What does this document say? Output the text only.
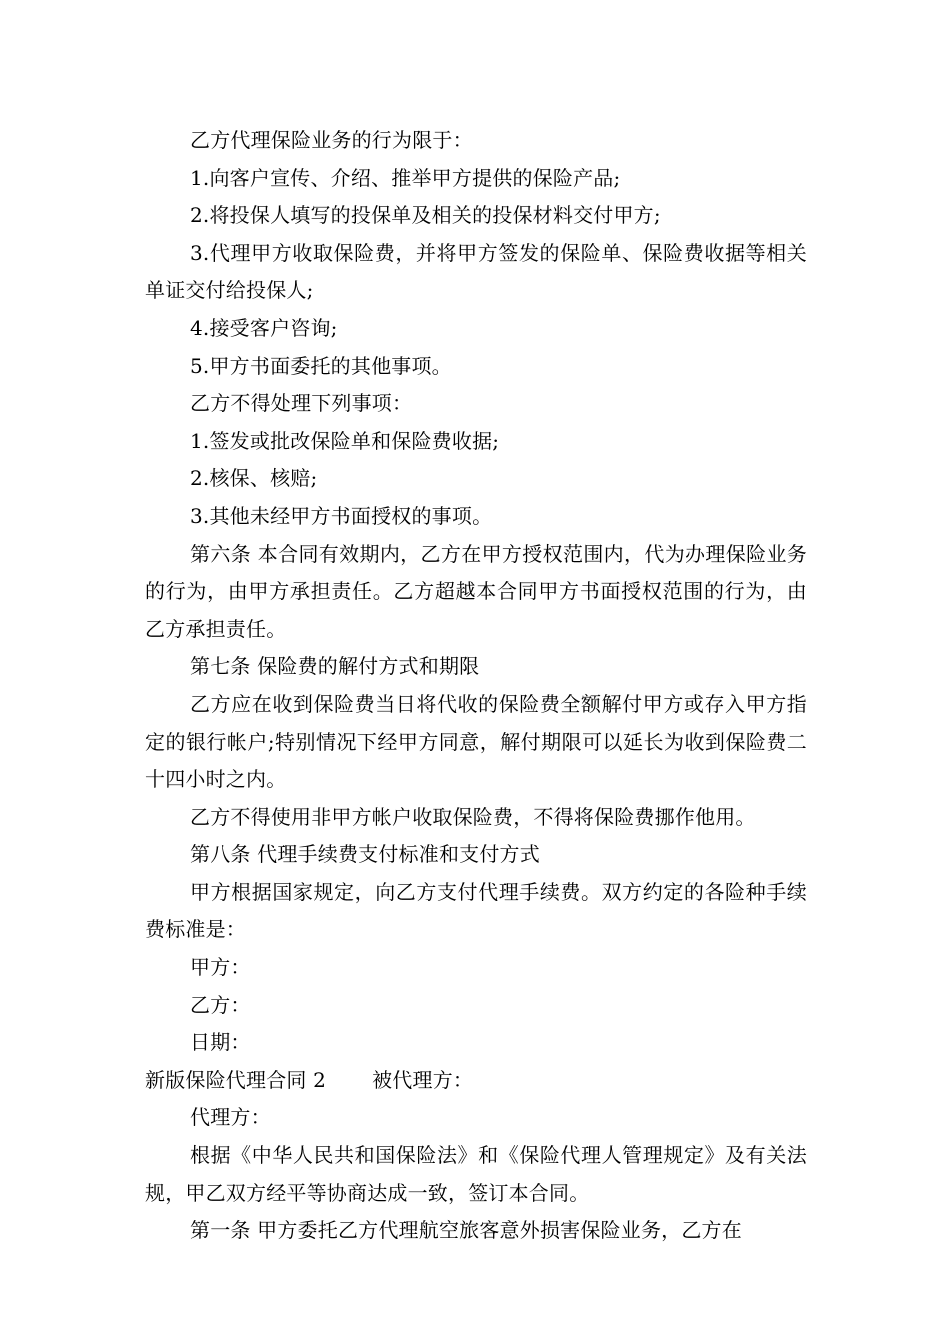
乙方代理保险业务的行为限于：

1.向客户宣传、介绍、推举甲方提供的保险产品;

2.将投保人填写的投保单及相关的投保材料交付甲方;

3.代理甲方收取保险费，并将甲方签发的保险单、保险费收据等相关单证交付给投保人;

4.接受客户咨询;

5.甲方书面委托的其他事项。

乙方不得处理下列事项：

1.签发或批改保险单和保险费收据;

2.核保、核赔;

3.其他未经甲方书面授权的事项。

第六条 本合同有效期内，乙方在甲方授权范围内，代为办理保险业务的行为，由甲方承担责任。乙方超越本合同甲方书面授权范围的行为，由乙方承担责任。

第七条 保险费的解付方式和期限

乙方应在收到保险费当日将代收的保险费全额解付甲方或存入甲方指定的银行帐户;特别情况下经甲方同意，解付期限可以延长为收到保险费二十四小时之内。

乙方不得使用非甲方帐户收取保险费，不得将保险费挪作他用。

第八条 代理手续费支付标准和支付方式

甲方根据国家规定，向乙方支付代理手续费。双方约定的各险种手续费标准是：

甲方：

乙方：

日期：

新版保险代理合同 2 被代理方：

代理方：

根据《中华人民共和国保险法》和《保险代理人管理规定》及有关法规，甲乙双方经平等协商达成一致，签订本合同。

第一条 甲方委托乙方代理航空旅客意外损害保险业务，乙方在
